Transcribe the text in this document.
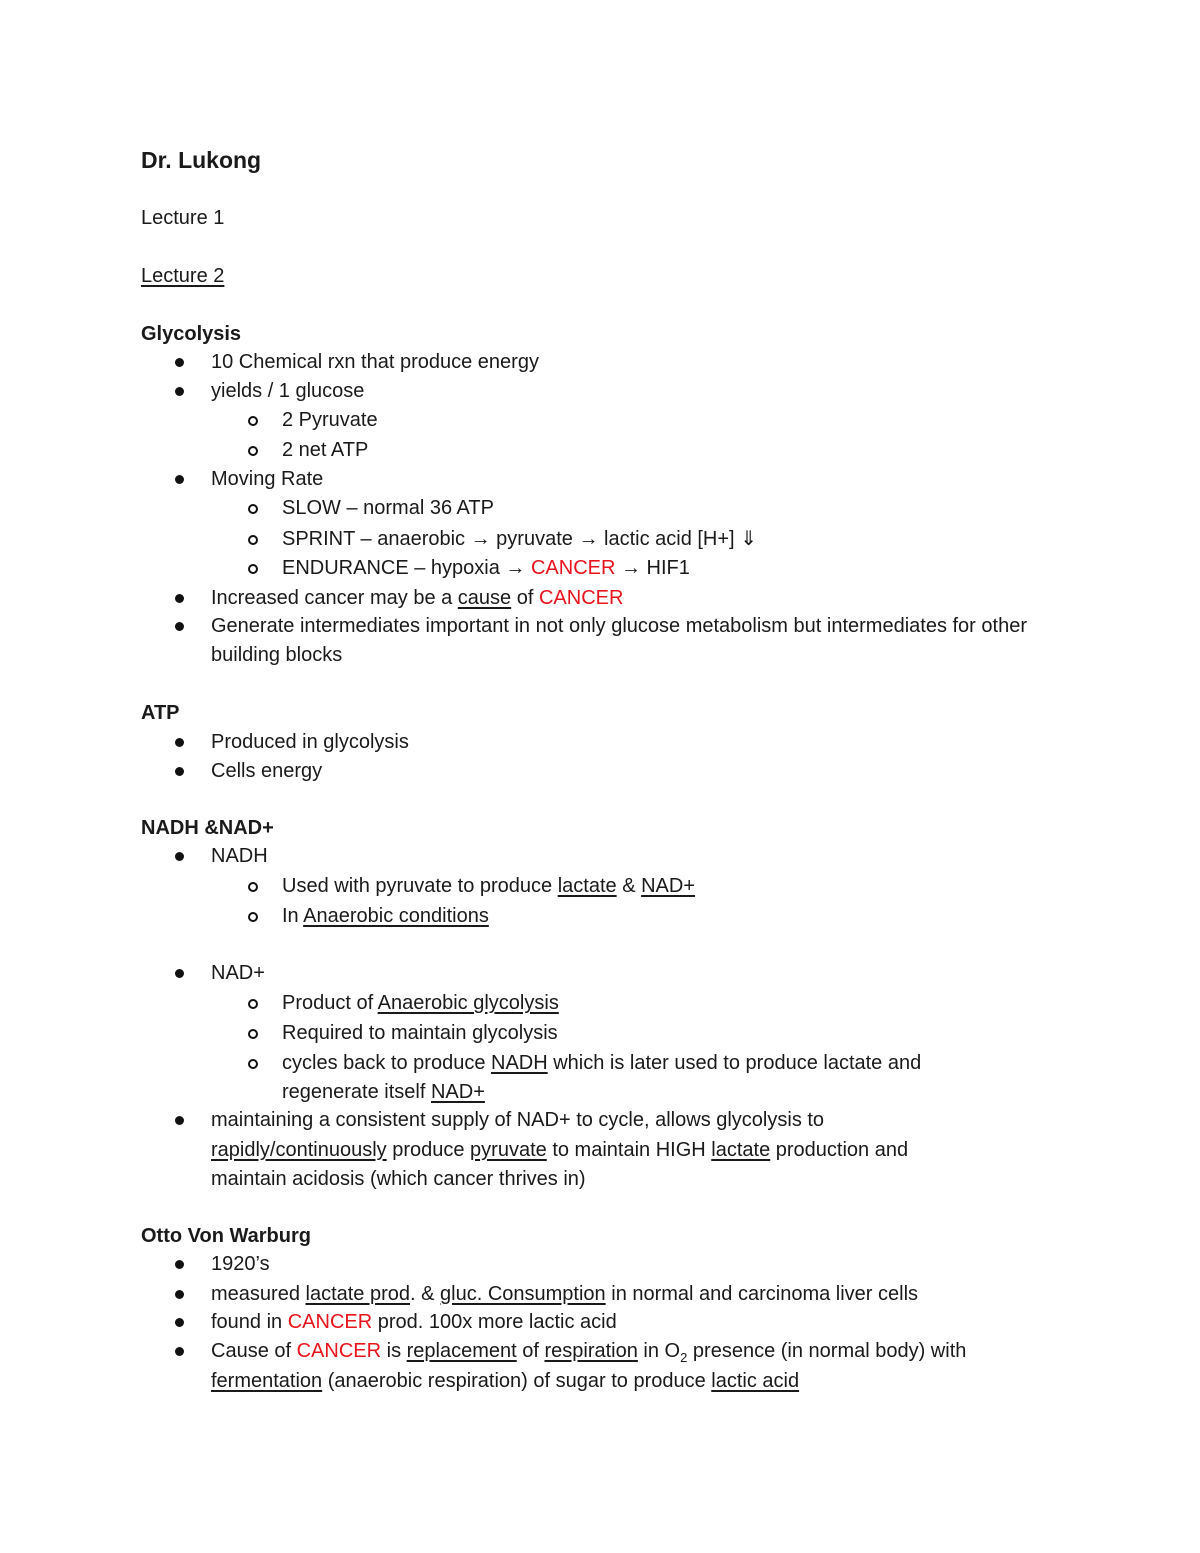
Dr. Lukong
Lecture 1
Lecture 2
Glycolysis
10 Chemical rxn that produce energy
yields / 1 glucose
2 Pyruvate
2 net ATP
Moving Rate
SLOW – normal 36 ATP
SPRINT – anaerobic → pyruvate → lactic acid [H+] ⇓
ENDURANCE – hypoxia → CANCER → HIF1
Increased cancer may be a cause of CANCER
Generate intermediates important in not only glucose metabolism but intermediates for other building blocks
ATP
Produced in glycolysis
Cells energy
NADH &NAD+
NADH
Used with pyruvate to produce lactate & NAD+
In Anaerobic conditions
NAD+
Product of Anaerobic glycolysis
Required to maintain glycolysis
cycles back to produce NADH which is later used to produce lactate and
regenerate itself NAD+
maintaining a consistent supply of NAD+ to cycle, allows glycolysis to
rapidly/continuously produce pyruvate to maintain HIGH lactate production and
maintain acidosis (which cancer thrives in)
Otto Von Warburg
1920’s
measured lactate prod. & gluc. Consumption in normal and carcinoma liver cells
found in CANCER prod. 100x more lactic acid
Cause of CANCER is replacement of respiration in $O_2$ presence (in normal body) with
fermentation (anaerobic respiration) of sugar to produce lactic acid
